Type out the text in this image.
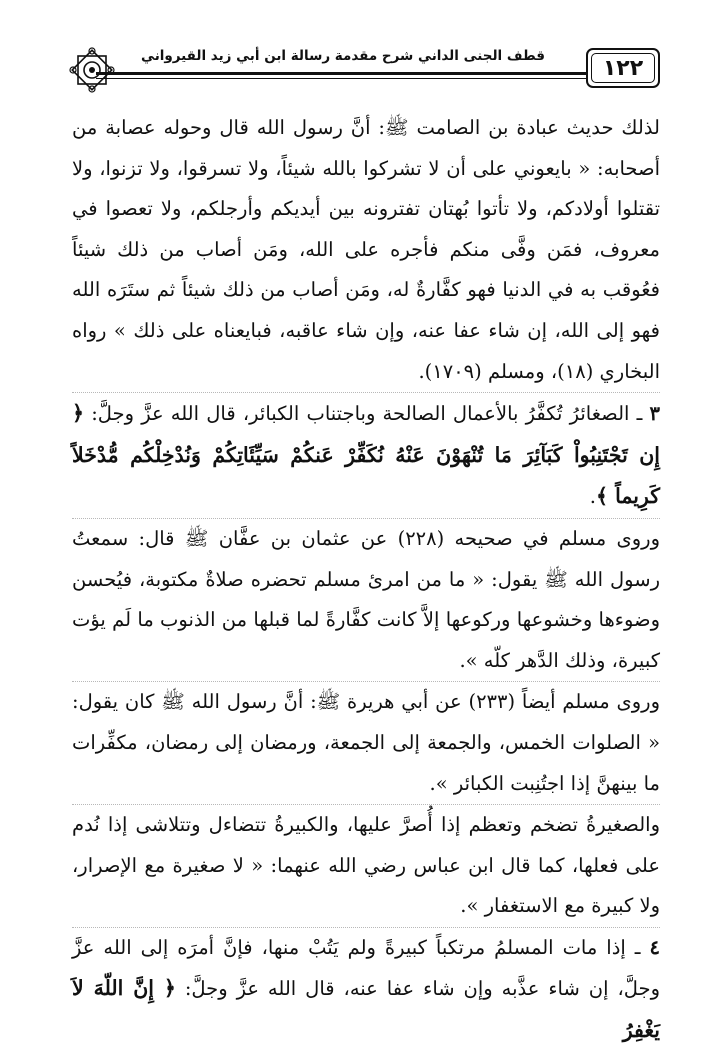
قطف الجنى الداني شرح مقدمة رسالة ابن أبي زيد القيرواني	١٢٢

لذلك حديث عبادة بن الصامت ﷺ: أنَّ رسول الله قال وحوله عصابة من أصحابه: « بايعوني على أن لا تشركوا بالله شيئاً، ولا تسرقوا، ولا تزنوا، ولا تقتلوا أولادكم، ولا تأتوا بُهتان تفترونه بين أيديكم وأرجلكم، ولا تعصوا في معروف، فمَن وفَّى منكم فأجره على الله، ومَن أصاب من ذلك شيئاً فعُوقب به في الدنيا فهو كفَّارةٌ له، ومَن أصاب من ذلك شيئاً ثم ستَرَه الله فهو إلى الله، إن شاء عفا عنه، وإن شاء عاقبه، فبايعناه على ذلك » رواه البخاري (١٨)، ومسلم (١٧٠٩).

٣ ـ الصغائرُ تُكفَّرُ بالأعمال الصالحة وباجتناب الكبائر، قال الله عزَّ وجلَّ: ﴿ إِن تَجْتَنِبُواْ كَبَآئِرَ مَا تُنْهَوْنَ عَنْهُ نُكَفِّرْ عَنكُمْ سَيِّئَاتِكُمْ وَنُدْخِلْكُم مُّدْخَلاً كَرِيماً ﴾.

وروى مسلم في صحيحه (٢٢٨) عن عثمان بن عفَّان ﷺ قال: سمعتُ رسول الله ﷺ يقول: « ما من امرئ مسلم تحضره صلاةٌ مكتوبة، فيُحسن وضوءها وخشوعها وركوعها إلاَّ كانت كفَّارةً لما قبلها من الذنوب ما لَم يؤت كبيرة، وذلك الدَّهر كلّه ».

وروى مسلم أيضاً (٢٣٣) عن أبي هريرة ﷺ: أنَّ رسول الله ﷺ كان يقول: « الصلوات الخمس، والجمعة إلى الجمعة، ورمضان إلى رمضان، مكفِّرات ما بينهنَّ إذا اجتُنِبت الكبائر ».

والصغيرةُ تضخم وتعظم إذا أُصرَّ عليها، والكبيرةُ تتضاءل وتتلاشى إذا نُدم على فعلها، كما قال ابن عباس رضي الله عنهما: « لا صغيرة مع الإصرار، ولا كبيرة مع الاستغفار ».

٤ ـ إذا مات المسلمُ مرتكباً كبيرةً ولم يَتُبْ منها، فإنَّ أمرَه إلى الله عزَّ وجلَّ، إن شاء عذَّبه وإن شاء عفا عنه، قال الله عزَّ وجلَّ: ﴿ إِنَّ اللّهَ لاَ يَغْفِرُ
